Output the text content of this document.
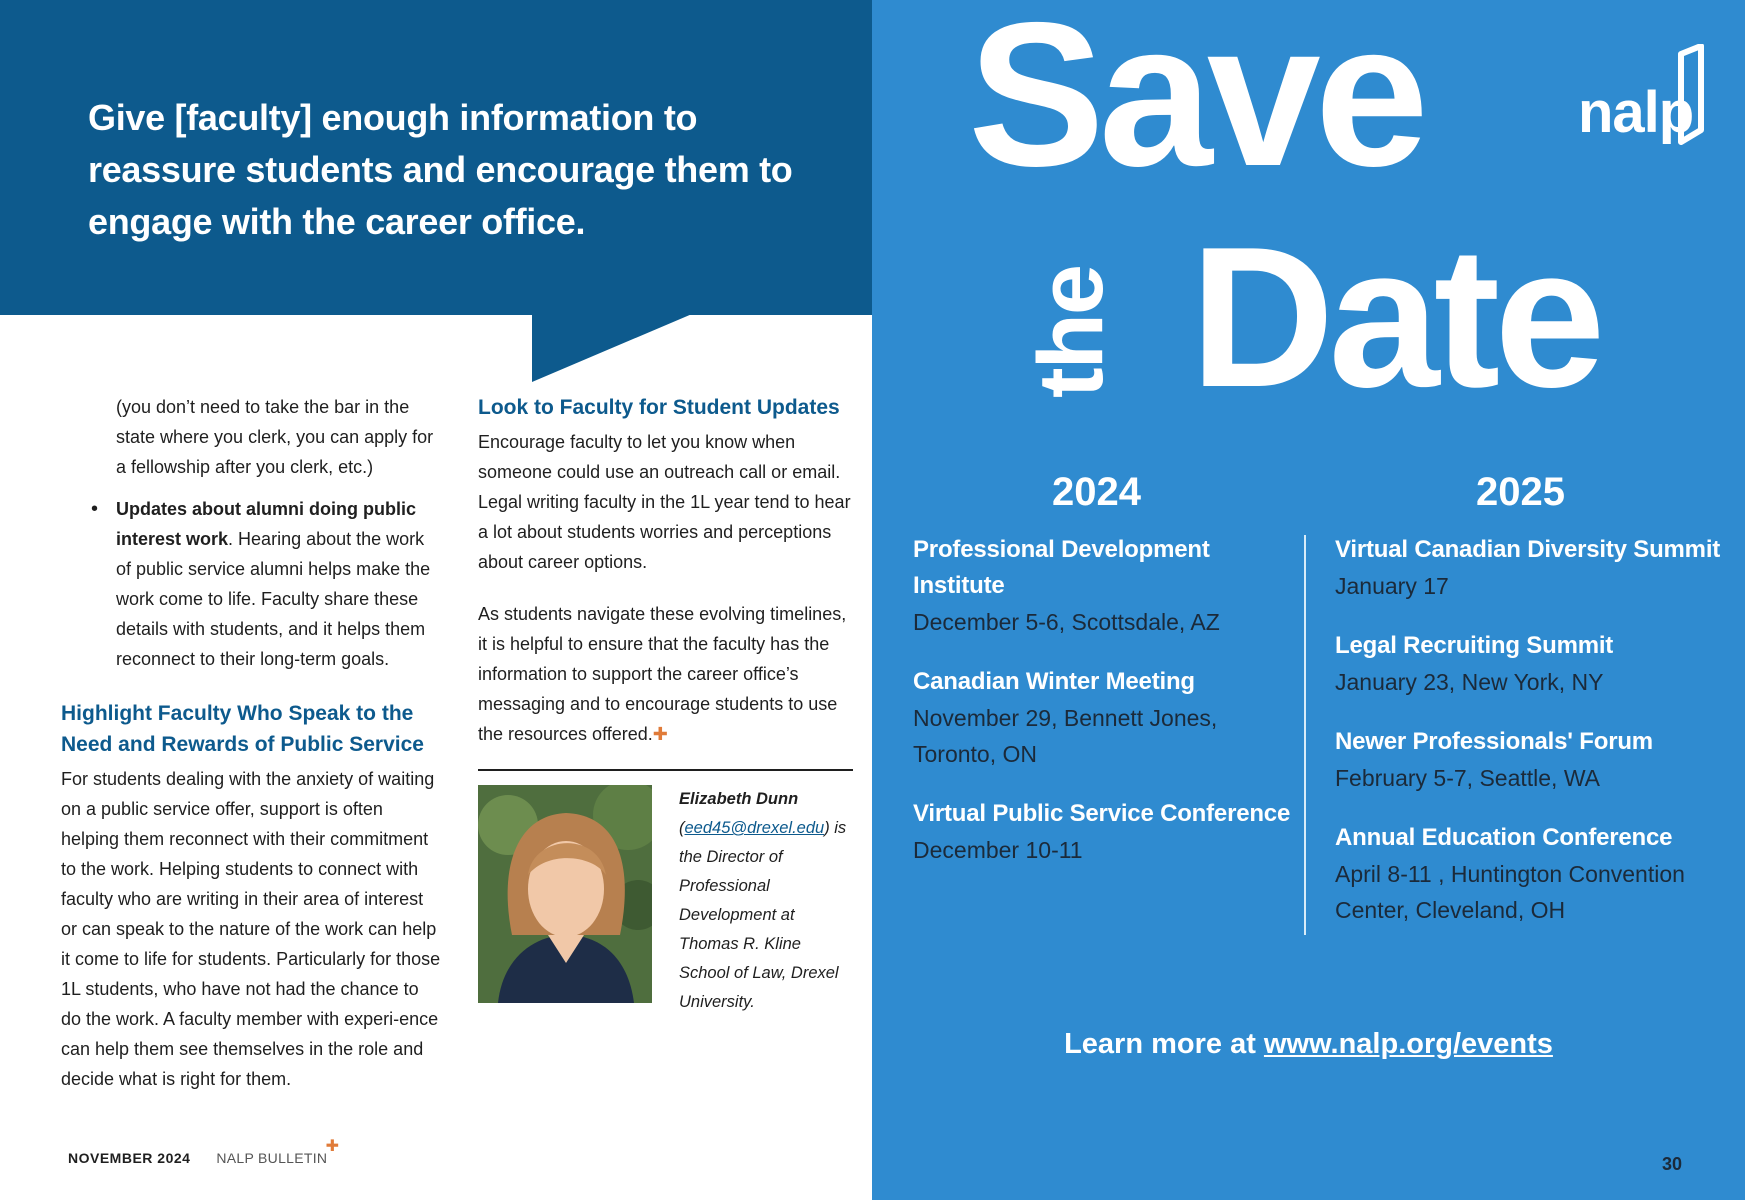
Give [faculty] enough information to reassure students and encourage them to engage with the career office.

(you don’t need to take the bar in the state where you clerk, you can apply for a fellowship after you clerk, etc.)

• Updates about alumni doing public interest work. Hearing about the work of public service alumni helps make the work come to life. Faculty share these details with students, and it helps them reconnect to their long-term goals.

Highlight Faculty Who Speak to the Need and Rewards of Public Service

For students dealing with the anxiety of waiting on a public service offer, support is often helping them reconnect with their commitment to the work. Helping students to connect with faculty who are writing in their area of interest or can speak to the nature of the work can help it come to life for students. Particularly for those 1L students, who have not had the chance to do the work. A faculty member with experi-ence can help them see themselves in the role and decide what is right for them.

Look to Faculty for Student Updates

Encourage faculty to let you know when someone could use an outreach call or email. Legal writing faculty in the 1L year tend to hear a lot about students worries and perceptions about career options.

As students navigate these evolving timelines, it is helpful to ensure that the faculty has the information to support the career office’s messaging and to encourage students to use the resources offered.✚

Elizabeth Dunn
(eed45@drexel.edu) is the Director of Professional Development at Thomas R. Kline School of Law, Drexel University.

NOVEMBER 2024 NALP BULLETIN
✚

Save

the Date

nalp

2024	2025

Professional Development Institute

December 5-6, Scottsdale, AZ

Canadian Winter Meeting

November 29, Bennett Jones,

Toronto, ON

Virtual Public Service Conference

December 10-11

Virtual Canadian Diversity Summit

January 17

Legal Recruiting Summit

January 23, New York, NY

Newer Professionals' Forum

February 5-7, Seattle, WA

Annual Education Conference

April 8-11 , Huntington Convention

Center, Cleveland, OH

Learn more at www.nalp.org/events

30
